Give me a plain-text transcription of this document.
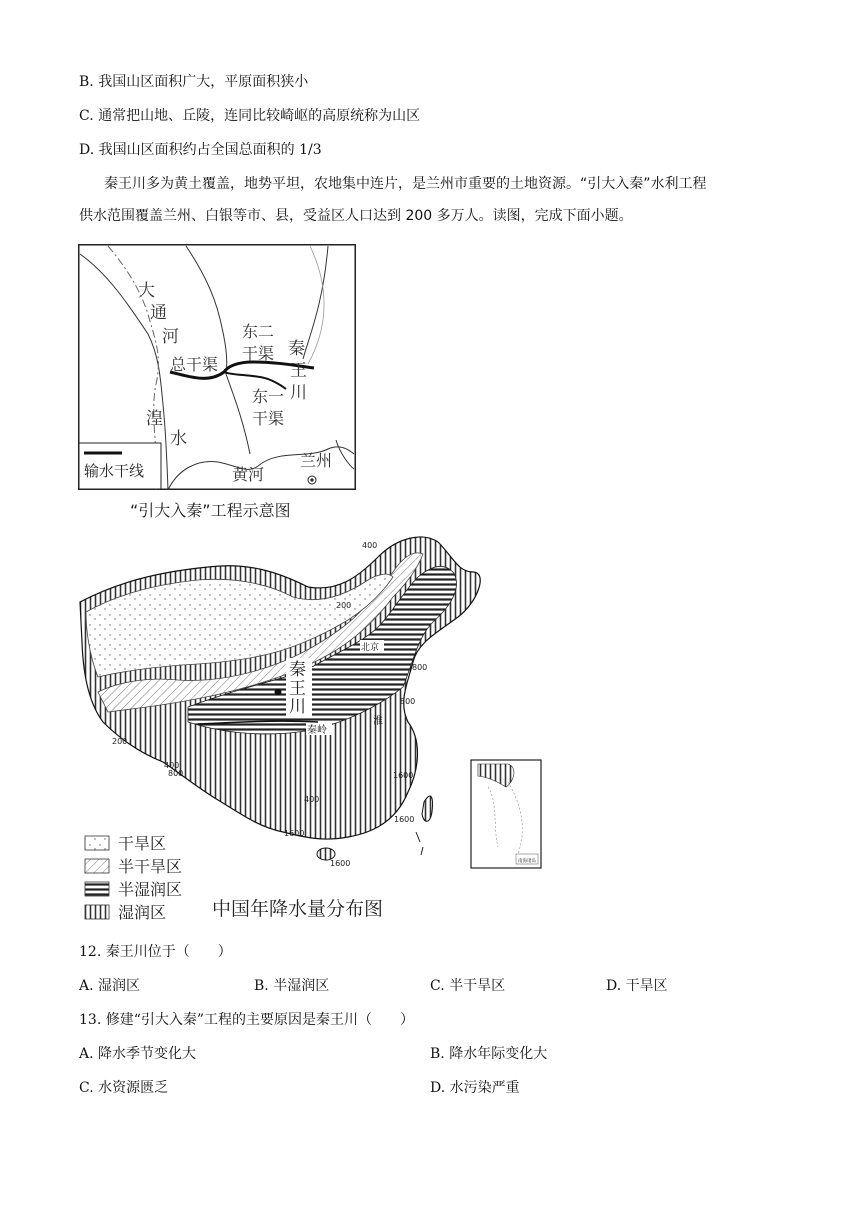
B. 我国山区面积广大，平原面积狭小
C. 通常把山地、丘陵，连同比较崎岖的高原统称为山区
D. 我国山区面积约占全国总面积的 1/3
秦王川多为黄土覆盖，地势平坦，农地集中连片，是兰州市重要的土地资源。“引大入秦”水利工程
供水范围覆盖兰州、白银等市、县，受益区人口达到 200 多万人。读图，完成下面小题。
大
通
河
总干渠
东二
干渠 秦
王
川
东一
干渠
湟
水
黄河
兰州
输水干线
“引大入秦”工程示意图
400
200
800
800
200
400
800	1600
1600
1600
400
1600
秦
王
川
北京
秦岭
淮
南海诸岛
干旱区
半干旱区
半湿润区
湿润区 中国年降水量分布图
12. 秦王川位于（　　）
A. 湿润区	B. 半湿润区	C. 半干旱区	D. 干旱区
13. 修建“引大入秦”工程的主要原因是秦王川（　　）
A. 降水季节变化大	B. 降水年际变化大
C. 水资源匮乏	D. 水污染严重
